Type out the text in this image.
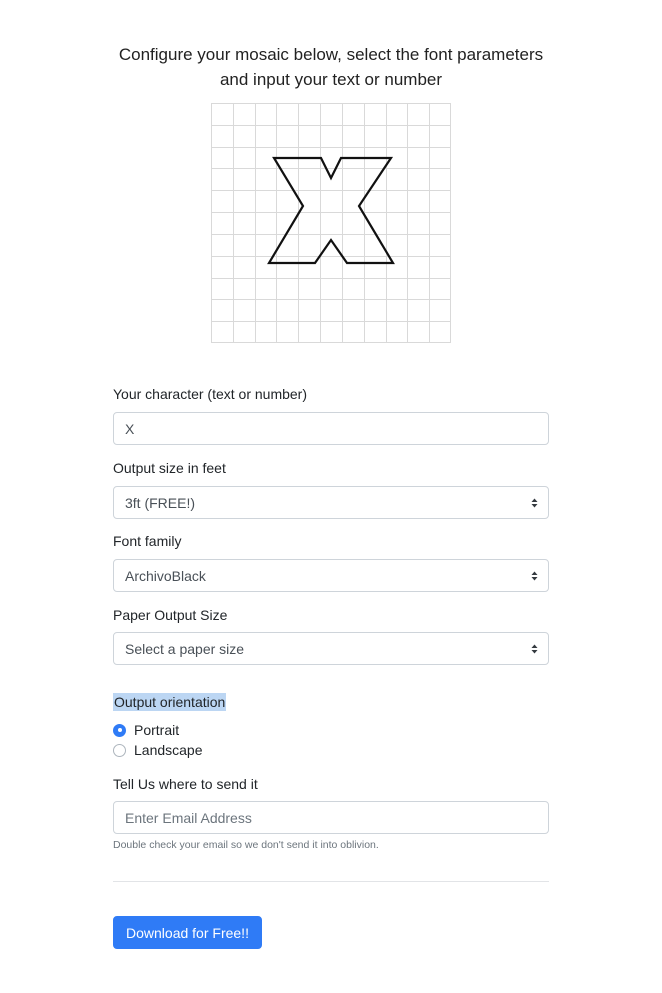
Configure your mosaic below, select the font parameters
and input your text or number
Your character (text or number)
X
Output size in feet
3ft (FREE!)
Font family
ArchivoBlack
Paper Output Size
Select a paper size
Output orientation
Portrait
Landscape
Tell Us where to send it
Enter Email Address
Double check your email so we don't send it into oblivion.
Download for Free!!
